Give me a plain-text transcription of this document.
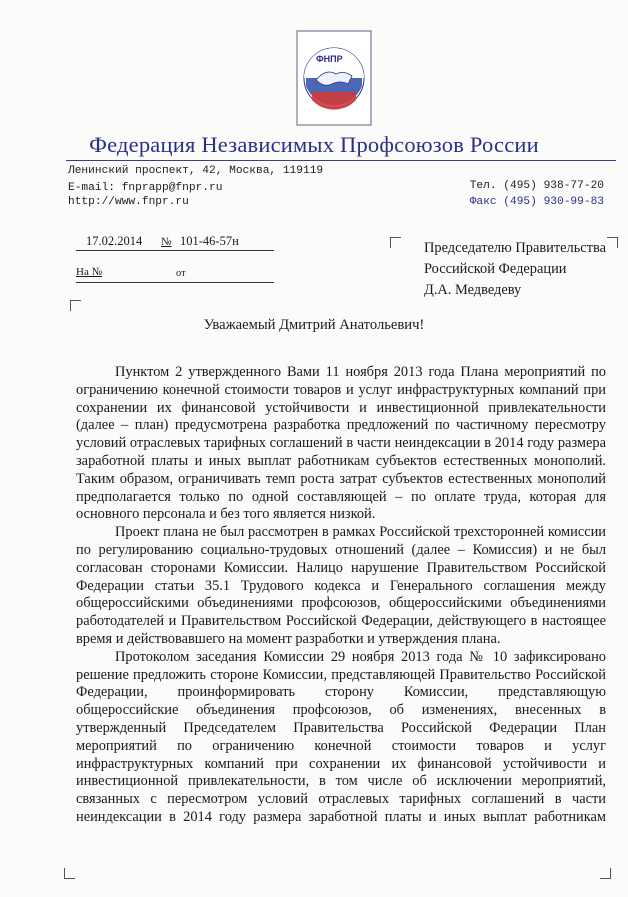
ФНПР
Федерация Независимых Профсоюзов России
Ленинский проспект, 42, Москва, 119119
E-mail: fnprapp@fnpr.ru
http://www.fnpr.ru
Тел. (495) 938-77-20
Факс (495) 930-99-83
17.02.2014 № 101-46-57н
На №	от
Председателю Правительства
Российской Федерации
Д.А. Медведеву
Уважаемый Дмитрий Анатольевич!

Пунктом 2 утвержденного Вами 11 ноября 2013 года Плана мероприятий по ограничению конечной стоимости товаров и услуг инфраструктурных компаний при сохранении их финансовой устойчивости и инвестиционной привлекательности (далее – план) предусмотрена разработка предложений по частичному пересмотру условий отраслевых тарифных соглашений в части неиндексации в 2014 году размера заработной платы и иных выплат работникам субъектов естественных монополий. Таким образом, ограничивать темп роста затрат субъектов естественных монополий предполагается только по одной составляющей – по оплате труда, которая для основного персонала и без того является низкой.

Проект плана не был рассмотрен в рамках Российской трехсторонней комиссии по регулированию социально-трудовых отношений (далее – Комиссия) и не был согласован сторонами Комиссии. Налицо нарушение Правительством Российской Федерации статьи 35.1 Трудового кодекса и Генерального соглашения между общероссийскими объединениями профсоюзов, общероссийскими объединениями работодателей и Правительством Российской Федерации, действующего в настоящее время и действовавшего на момент разработки и утверждения плана.

Протоколом заседания Комиссии 29 ноября 2013 года № 10 зафиксировано решение предложить стороне Комиссии, представляющей Правительство Российской Федерации, проинформировать сторону Комиссии, представляющую общероссийские объединения профсоюзов, об изменениях, внесенных в утвержденный Председателем Правительства Российской Федерации План мероприятий по ограничению конечной стоимости товаров и услуг инфраструктурных компаний при сохранении их финансовой устойчивости и инвестиционной привлекательности, в том числе об исключении мероприятий, связанных с пересмотром условий отраслевых тарифных соглашений в части неиндексации в 2014 году размера заработной платы и иных выплат работникам
